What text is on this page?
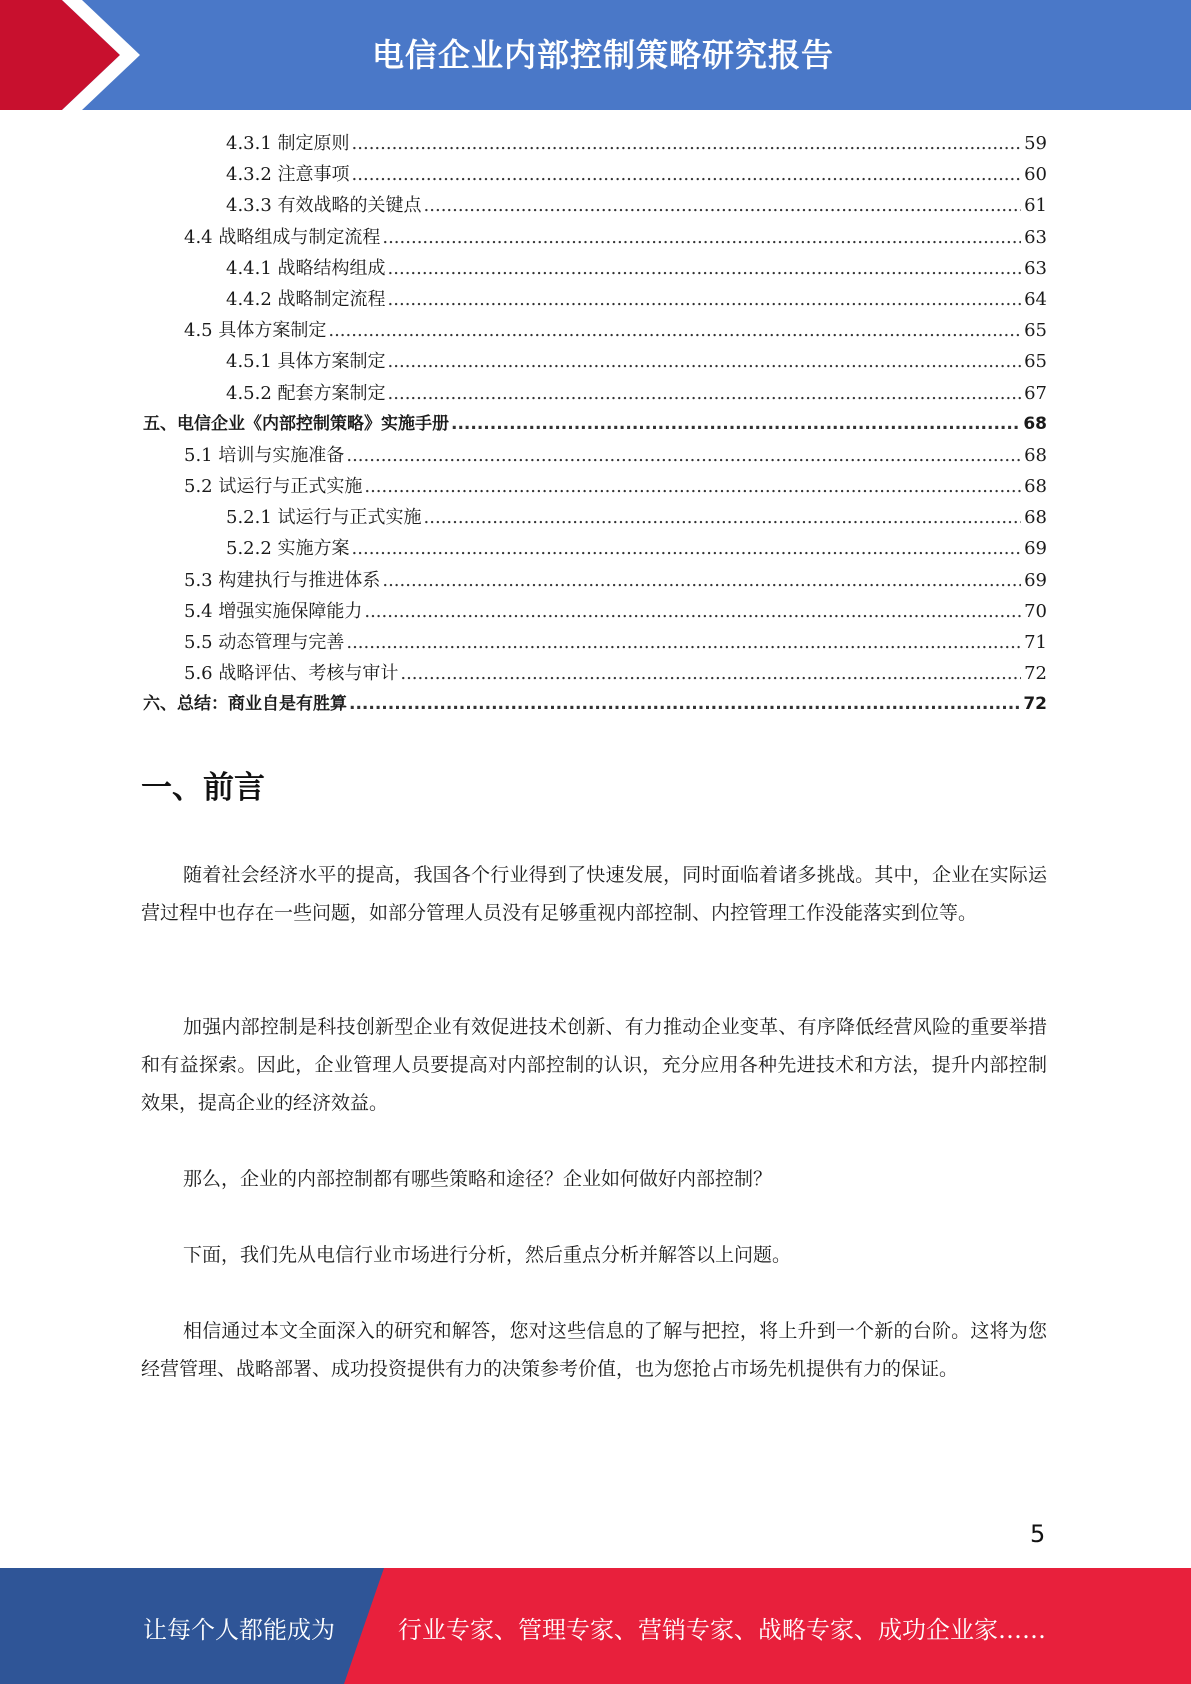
电信企业内部控制策略研究报告
4.3.1 制定原则 .....	59
4.3.2 注意事项 .....	60
4.3.3 有效战略的关键点 .....	61
4.4 战略组成与制定流程 .....	63
4.4.1 战略结构组成 .....	63
4.4.2 战略制定流程 .....	64
4.5 具体方案制定 .....	65
4.5.1 具体方案制定 .....	65
4.5.2 配套方案制定 .....	67
五、电信企业《内部控制策略》实施手册 .....	68
5.1 培训与实施准备 .....	68
5.2 试运行与正式实施 .....	68
5.2.1 试运行与正式实施 .....	68
5.2.2 实施方案 .....	69
5.3 构建执行与推进体系 .....	69
5.4 增强实施保障能力 .....	70
5.5 动态管理与完善 .....	71
5.6 战略评估、考核与审计 .....	72
六、总结：商业自是有胜算 .....	72
一、前言

随着社会经济水平的提高，我国各个行业得到了快速发展，同时面临着诸多挑战。其中，企业在实际运营过程中也存在一些问题，如部分管理人员没有足够重视内部控制、内控管理工作没能落实到位等。

加强内部控制是科技创新型企业有效促进技术创新、有力推动企业变革、有序降低经营风险的重要举措和有益探索。因此，企业管理人员要提高对内部控制的认识，充分应用各种先进技术和方法，提升内部控制效果，提高企业的经济效益。

那么，企业的内部控制都有哪些策略和途径？企业如何做好内部控制？

下面，我们先从电信行业市场进行分析，然后重点分析并解答以上问题。

相信通过本文全面深入的研究和解答，您对这些信息的了解与把控，将上升到一个新的台阶。这将为您经营管理、战略部署、成功投资提供有力的决策参考价值，也为您抢占市场先机提供有力的保证。

5
让每个人都能成为	行业专家、管理专家、营销专家、战略专家、成功企业家……
